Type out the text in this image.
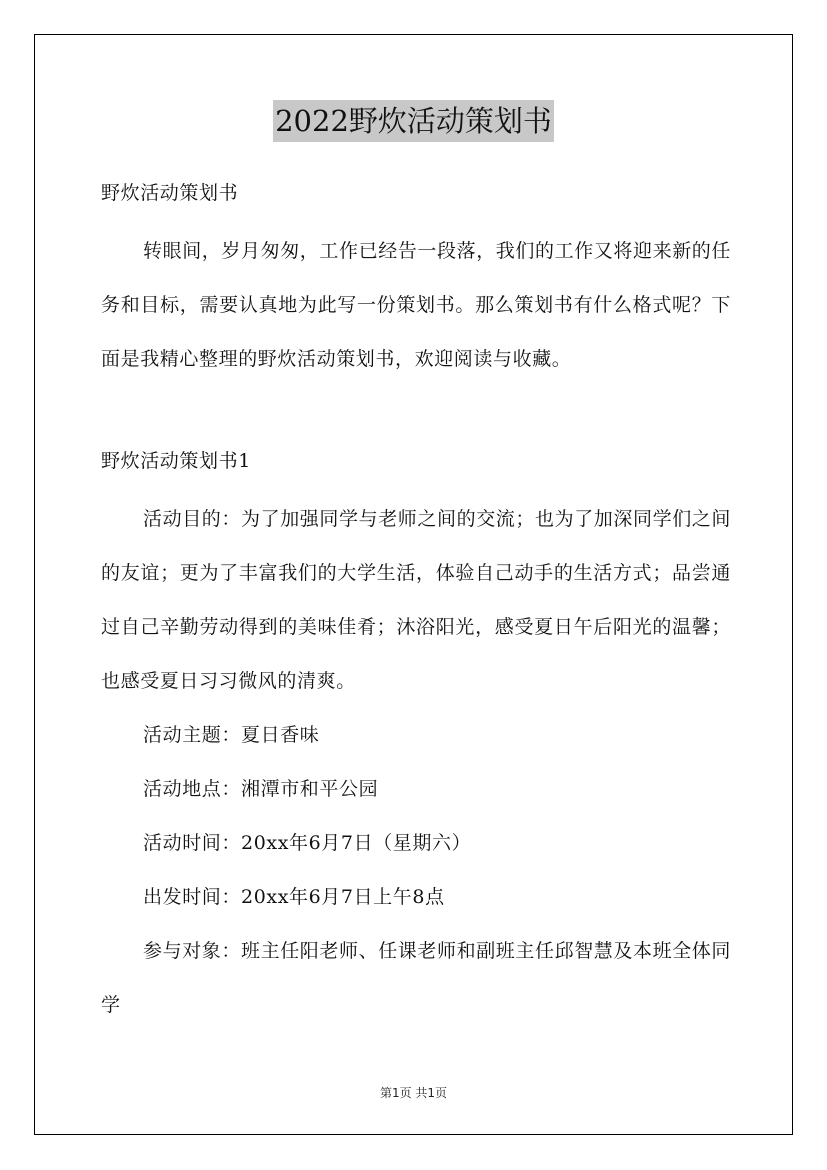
2022野炊活动策划书

野炊活动策划书

转眼间，岁月匆匆，工作已经告一段落，我们的工作又将迎来新的任务和目标，需要认真地为此写一份策划书。那么策划书有什么格式呢？下面是我精心整理的野炊活动策划书，欢迎阅读与收藏。

野炊活动策划书1

活动目的：为了加强同学与老师之间的交流；也为了加深同学们之间的友谊；更为了丰富我们的大学生活，体验自己动手的生活方式；品尝通过自己辛勤劳动得到的美味佳肴；沐浴阳光，感受夏日午后阳光的温馨；也感受夏日习习微风的清爽。

活动主题：夏日香味

活动地点：湘潭市和平公园

活动时间：20xx年6月7日（星期六）

出发时间：20xx年6月7日上午8点

参与对象：班主任阳老师、任课老师和副班主任邱智慧及本班全体同学

第1页 共1页
